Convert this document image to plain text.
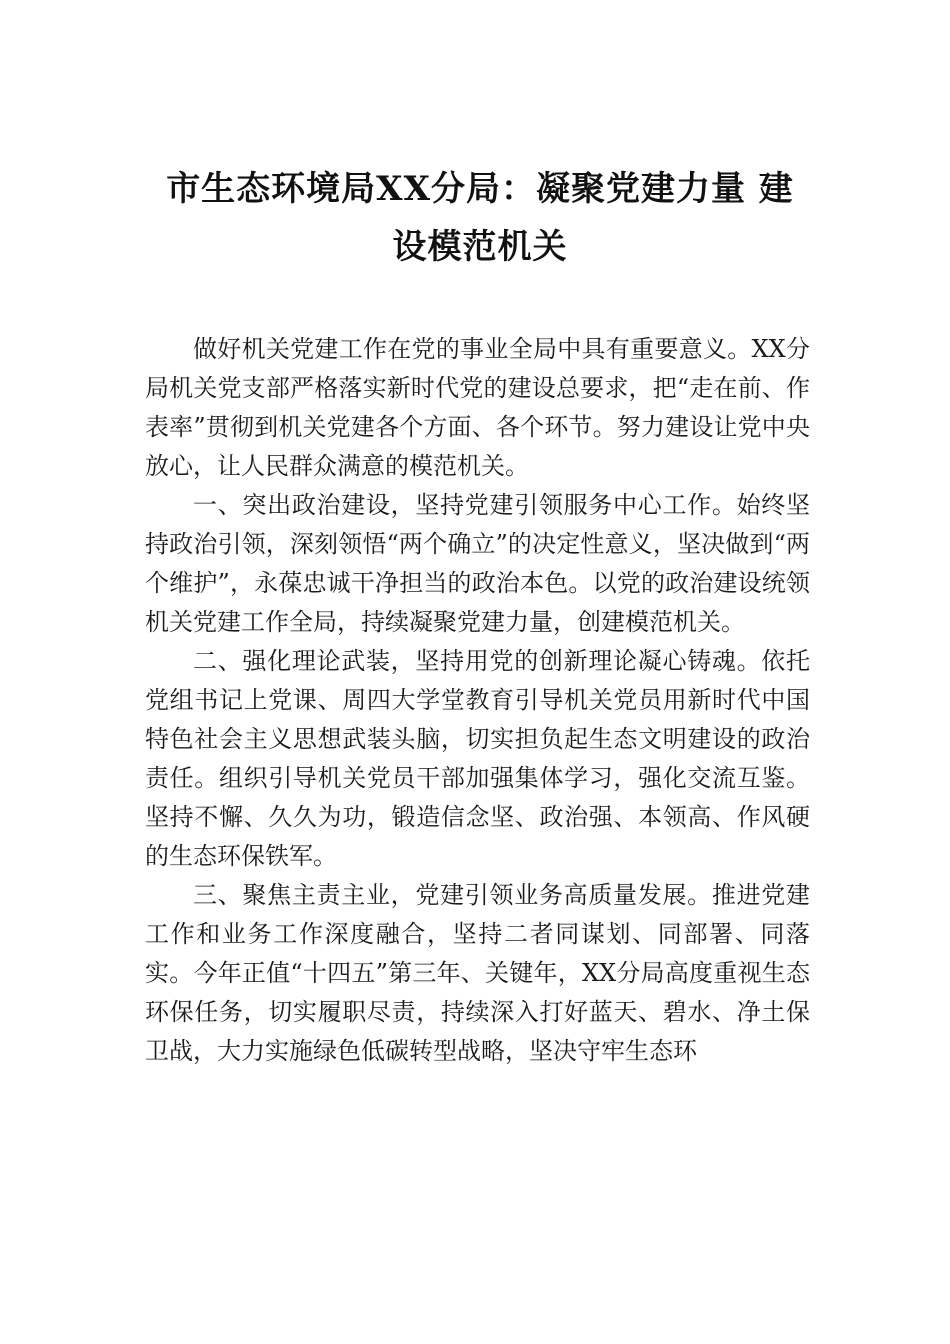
市生态环境局XX分局：凝聚党建力量 建设模范机关

做好机关党建工作在党的事业全局中具有重要意义。XX分局机关党支部严格落实新时代党的建设总要求，把“走在前、作表率”贯彻到机关党建各个方面、各个环节。努力建设让党中央放心，让人民群众满意的模范机关。

一、突出政治建设，坚持党建引领服务中心工作。始终坚持政治引领，深刻领悟“两个确立”的决定性意义，坚决做到“两个维护”，永葆忠诚干净担当的政治本色。以党的政治建设统领机关党建工作全局，持续凝聚党建力量，创建模范机关。

二、强化理论武装，坚持用党的创新理论凝心铸魂。依托党组书记上党课、周四大学堂教育引导机关党员用新时代中国特色社会主义思想武装头脑，切实担负起生态文明建设的政治责任。组织引导机关党员干部加强集体学习，强化交流互鉴。坚持不懈、久久为功，锻造信念坚、政治强、本领高、作风硬的生态环保铁军。

三、聚焦主责主业，党建引领业务高质量发展。推进党建工作和业务工作深度融合，坚持二者同谋划、同部署、同落实。今年正值“十四五”第三年、关键年，XX分局高度重视生态环保任务，切实履职尽责，持续深入打好蓝天、碧水、净土保卫战，大力实施绿色低碳转型战略，坚决守牢生态环
